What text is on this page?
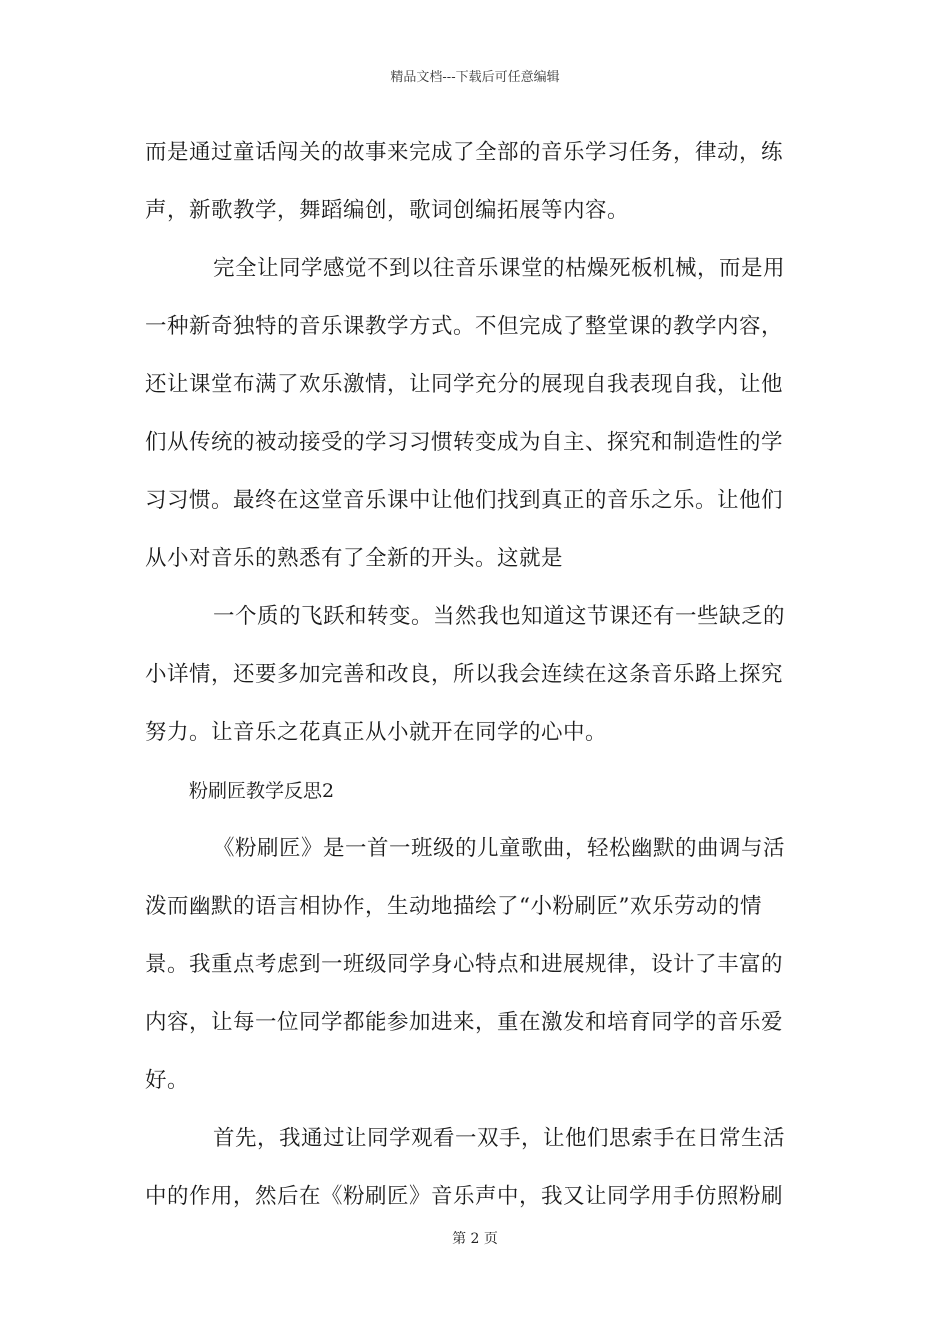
精品文档---下载后可任意编辑
而是通过童话闯关的故事来完成了全部的音乐学习任务，律动，练
声，新歌教学，舞蹈编创，歌词创编拓展等内容。
完全让同学感觉不到以往音乐课堂的枯燥死板机械，而是用
一种新奇独特的音乐课教学方式。不但完成了整堂课的教学内容，
还让课堂布满了欢乐激情，让同学充分的展现自我表现自我，让他
们从传统的被动接受的学习习惯转变成为自主、探究和制造性的学
习习惯。最终在这堂音乐课中让他们找到真正的音乐之乐。让他们
从小对音乐的熟悉有了全新的开头。这就是
一个质的飞跃和转变。当然我也知道这节课还有一些缺乏的
小详情，还要多加完善和改良，所以我会连续在这条音乐路上探究
努力。让音乐之花真正从小就开在同学的心中。
粉刷匠教学反思2
《粉刷匠》是一首一班级的儿童歌曲，轻松幽默的曲调与活
泼而幽默的语言相协作，生动地描绘了“小粉刷匠”欢乐劳动的情
景。我重点考虑到一班级同学身心特点和进展规律，设计了丰富的
内容，让每一位同学都能参加进来，重在激发和培育同学的音乐爱
好。
首先，我通过让同学观看一双手，让他们思索手在日常生活
中的作用，然后在《粉刷匠》音乐声中，我又让同学用手仿照粉刷
第 2 页
